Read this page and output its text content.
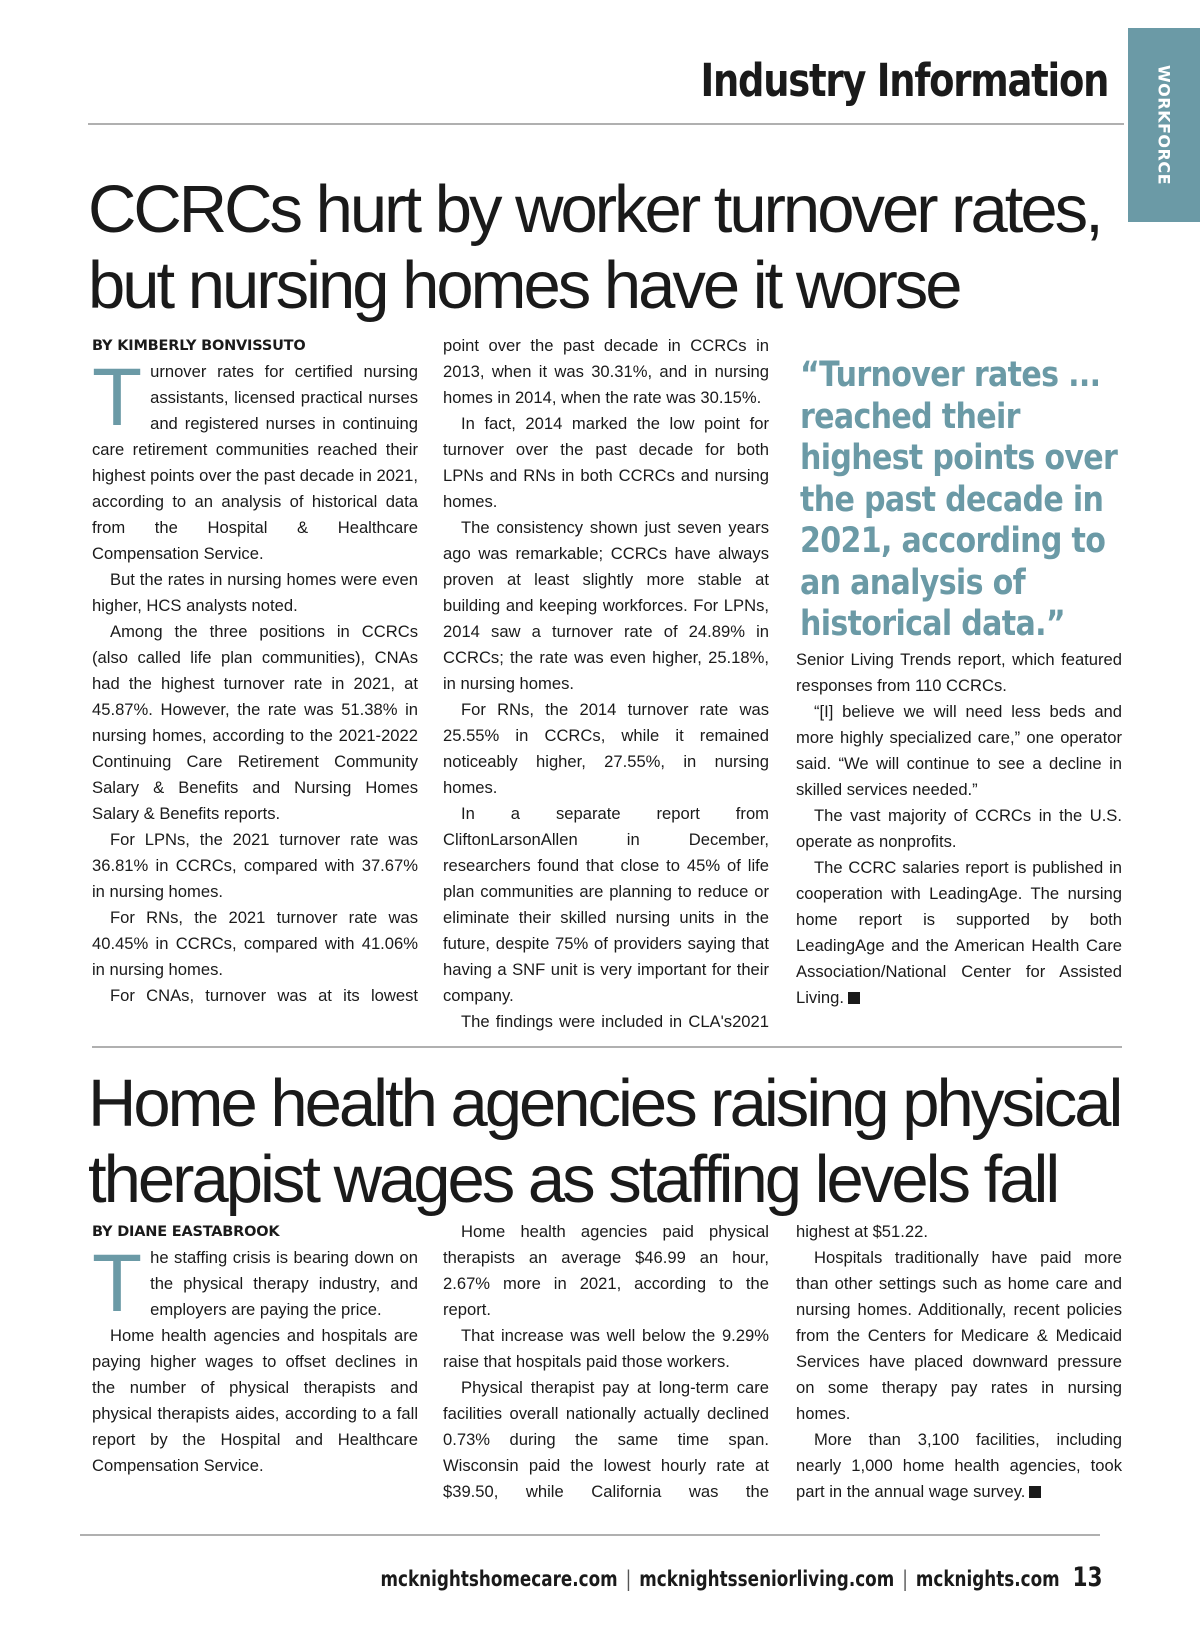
WORKFORCE
Industry Information
CCRCs hurt by worker turnover rates, but nursing homes have it worse

BY KIMBERLY BONVISSUTO

Turnover rates for certified nursing assistants, licensed practical nurses and registered nurses in continuing care retirement communities reached their highest points over the past decade in 2021, according to an analysis of historical data from the Hospital & Healthcare Compensation Service.

But the rates in nursing homes were even higher, HCS analysts noted.

Among the three positions in CCRCs (also called life plan communities), CNAs had the highest turnover rate in 2021, at 45.87%. However, the rate was 51.38% in nursing homes, according to the 2021-2022 Continuing Care Retirement Community Salary & Benefits and Nursing Homes Salary & Benefits reports.

For LPNs, the 2021 turnover rate was 36.81% in CCRCs, compared with 37.67% in nursing homes.

For RNs, the 2021 turnover rate was 40.45% in CCRCs, compared with 41.06% in nursing homes.

For CNAs, turnover was at its lowest

point over the past decade in CCRCs in 2013, when it was 30.31%, and in nursing homes in 2014, when the rate was 30.15%.

In fact, 2014 marked the low point for turnover over the past decade for both LPNs and RNs in both CCRCs and nursing homes.

The consistency shown just seven years ago was remarkable; CCRCs have always proven at least slightly more stable at building and keeping workforces. For LPNs, 2014 saw a turnover rate of 24.89% in CCRCs; the rate was even higher, 25.18%, in nursing homes.

For RNs, the 2014 turnover rate was 25.55% in CCRCs, while it remained noticeably higher, 27.55%, in nursing homes.

In a separate report from CliftonLarsonAllen in December, researchers found that close to 45% of life plan communities are planning to reduce or eliminate their skilled nursing units in the future, despite 75% of providers saying that having a SNF unit is very important for their company.

The findings were included in CLA's2021

“Turnover rates ... reached their highest points over the past decade in 2021, according to an analysis of historical data.”

Senior Living Trends report, which featured responses from 110 CCRCs.

“[I] believe we will need less beds and more highly specialized care,” one operator said. “We will continue to see a decline in skilled services needed.”

The vast majority of CCRCs in the U.S. operate as nonprofits.

The CCRC salaries report is published in cooperation with LeadingAge. The nursing home report is supported by both LeadingAge and the American Health Care Association/National Center for Assisted Living.

Home health agencies raising physical therapist wages as staffing levels fall

BY DIANE EASTABROOK

The staffing crisis is bearing down on the physical therapy industry, and employers are paying the price.

Home health agencies and hospitals are paying higher wages to offset declines in the number of physical therapists and physical therapists aides, according to a fall report by the Hospital and Healthcare Compensation Service.

Home health agencies paid physical therapists an average $46.99 an hour, 2.67% more in 2021, according to the report.

That increase was well below the 9.29% raise that hospitals paid those workers.

Physical therapist pay at long-term care facilities overall nationally actually declined 0.73% during the same time span. Wisconsin paid the lowest hourly rate at $39.50, while California was the

highest at $51.22.

Hospitals traditionally have paid more than other settings such as home care and nursing homes. Additionally, recent policies from the Centers for Medicare & Medicaid Services have placed downward pressure on some therapy pay rates in nursing homes.

More than 3,100 facilities, including nearly 1,000 home health agencies, took part in the annual wage survey.

mcknightshomecare.com | mcknightsseniorliving.com | mcknights.com 13
